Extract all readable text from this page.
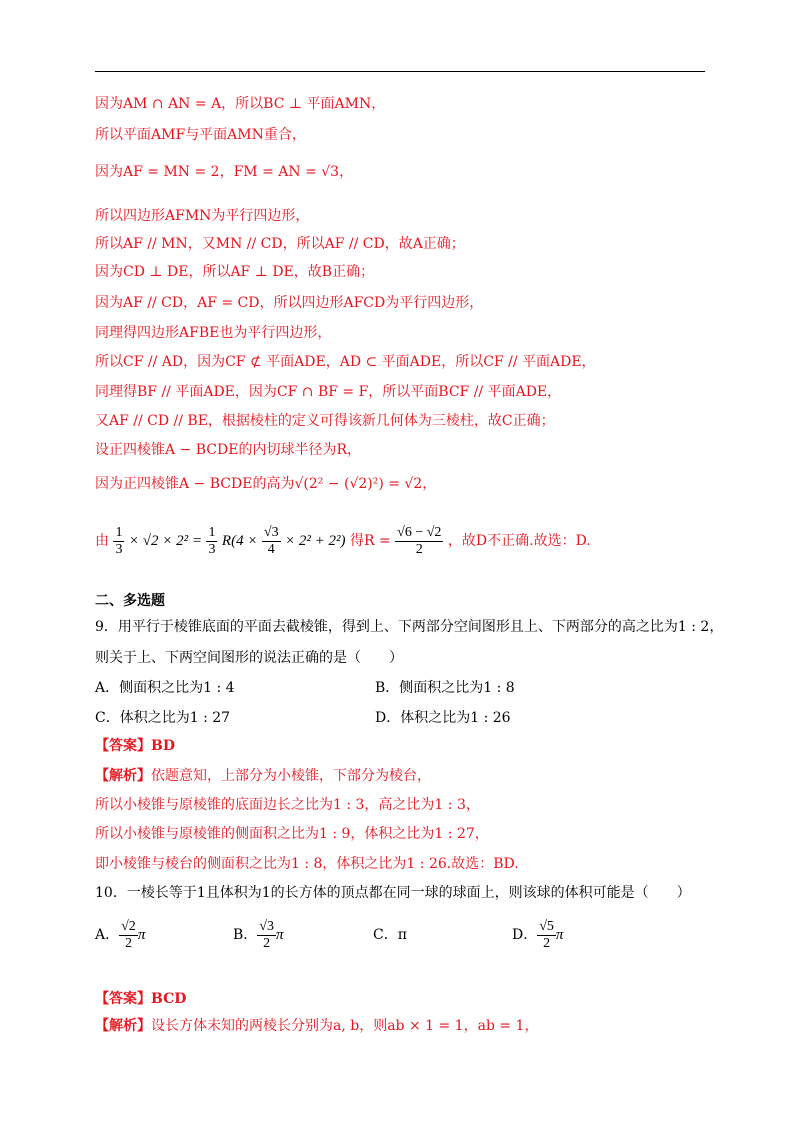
因为AM ∩ AN = A，所以BC ⊥ 平面AMN，
所以平面AMF与平面AMN重合，
因为AF = MN = 2，FM = AN = √3，
所以四边形AFMN为平行四边形，
所以AF // MN，又MN // CD，所以AF // CD，故A正确；
因为CD ⊥ DE，所以AF ⊥ DE，故B正确；
因为AF // CD，AF = CD，所以四边形AFCD为平行四边形，
同理得四边形AFBE也为平行四边形，
所以CF // AD，因为CF ⊄ 平面ADE，AD ⊂ 平面ADE，所以CF // 平面ADE，
同理得BF // 平面ADE，因为CF ∩ BF = F，所以平面BCF // 平面ADE，
又AF // CD // BE，根据棱柱的定义可得该新几何体为三棱柱，故C正确；
设正四棱锥A − BCDE的内切球半径为R，
因为正四棱锥A − BCDE的高为√(2² − (√2)²) = √2，
由 $\frac{1}{3} \times √2 \times 2^2 = \frac{1}{3} R(4 \times \frac{√3}{4} \times 2^2 + 2^2)$ 得$R = \frac{√6 - √2}{2}$ ，故D不正确.故选：D.
二、多选题
9．用平行于棱锥底面的平面去截棱锥，得到上、下两部分空间图形且上、下两部分的高之比为1 : 2，
则关于上、下两空间图形的说法正确的是（　　）
A．侧面积之比为1 : 4	B．侧面积之比为1 : 8
C．体积之比为1 : 27	D．体积之比为1 : 26
【答案】BD
【解析】依题意知，上部分为小棱锥，下部分为棱台，
所以小棱锥与原棱锥的底面边长之比为1 : 3，高之比为1 : 3，
所以小棱锥与原棱锥的侧面积之比为1 : 9，体积之比为1 : 27，
即小棱锥与棱台的侧面积之比为1 : 8，体积之比为1 : 26.故选：BD.
10．一棱长等于1且体积为1的长方体的顶点都在同一球的球面上，则该球的体积可能是（　　）
A． $\frac{√2}{2}$ π	B． $\frac{√3}{2}$ π	C．π	D． $\frac{√5}{2}$ π
【答案】BCD
【解析】设长方体未知的两棱长分别为a, b，则ab × 1 = 1，ab = 1，
